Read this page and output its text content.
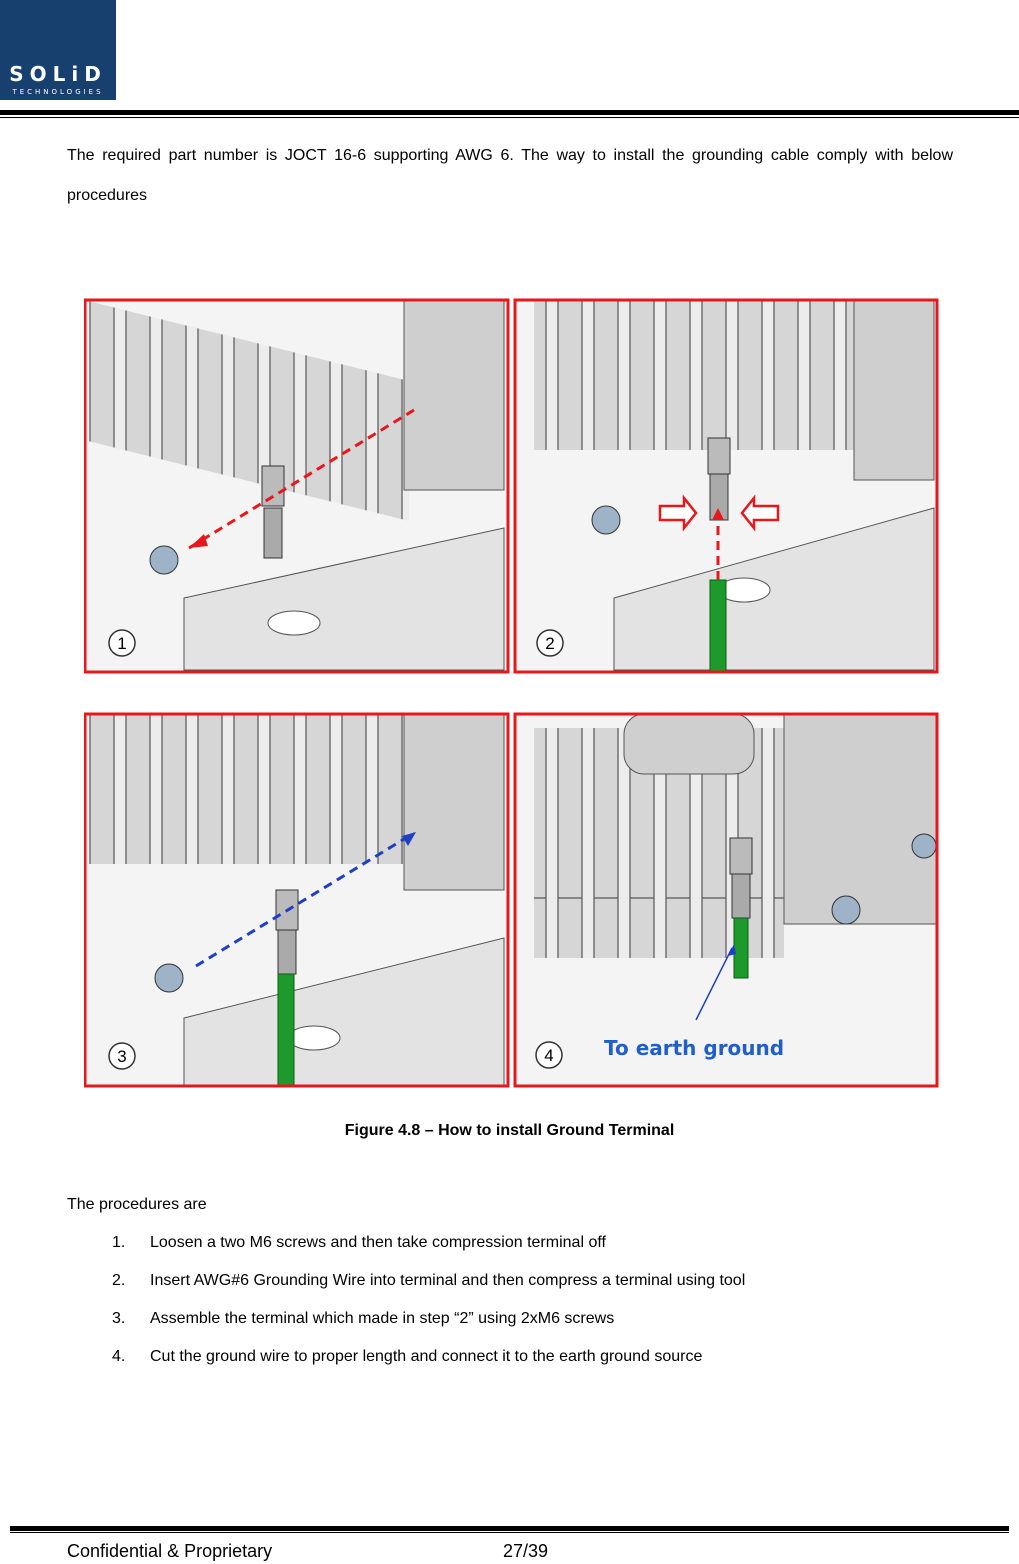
SOLiD
TECHNOLOGIES

The required part number is JOCT 16-6 supporting AWG 6. The way to install the grounding cable comply with below procedures

1	2
3	To earth ground
4
Figure 4.8 – How to install Ground Terminal
The procedures are
1.	Loosen a two M6 screws and then take compression terminal off
2.	Insert AWG#6 Grounding Wire into terminal and then compress a terminal using tool
3.	Assemble the terminal which made in step “2” using 2xM6 screws
4.	Cut the ground wire to proper length and connect it to the earth ground source
Confidential & Proprietary	27/39
